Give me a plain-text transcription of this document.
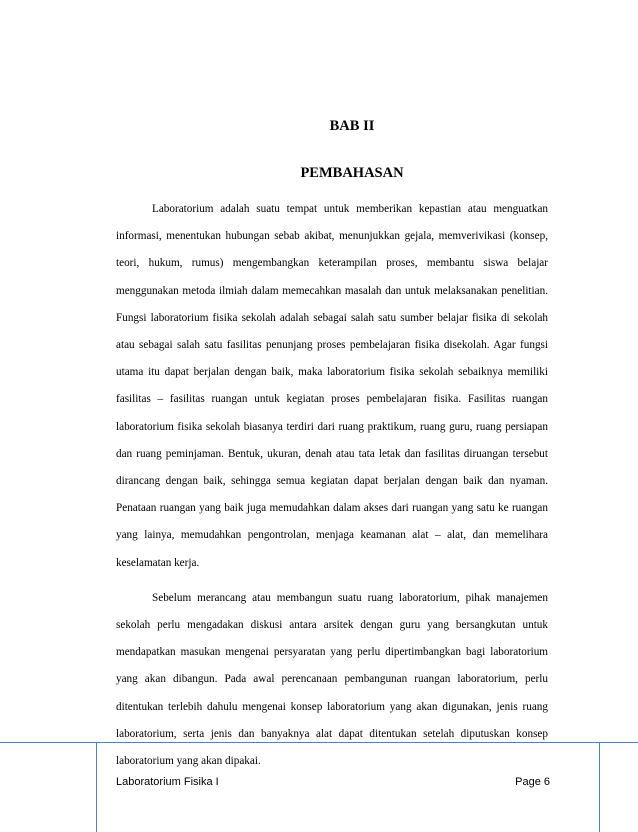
BAB II
PEMBAHASAN

Laboratorium adalah suatu tempat untuk memberikan kepastian atau menguatkan informasi, menentukan hubungan sebab akibat, menunjukkan gejala, memverivikasi (konsep, teori, hukum, rumus) mengembangkan keterampilan proses, membantu siswa belajar menggunakan metoda ilmiah dalam memecahkan masalah dan untuk melaksanakan penelitian. Fungsi laboratorium fisika sekolah adalah sebagai salah satu sumber belajar fisika di sekolah atau sebagai salah satu fasilitas penunjang proses pembelajaran fisika disekolah. Agar fungsi utama itu dapat berjalan dengan baik, maka laboratorium fisika sekolah sebaiknya memiliki fasilitas – fasilitas ruangan untuk kegiatan proses pembelajaran fisika. Fasilitas ruangan laboratorium fisika sekolah biasanya terdiri dari ruang praktikum, ruang guru, ruang persiapan dan ruang peminjaman. Bentuk, ukuran, denah atau tata letak dan fasilitas diruangan tersebut dirancang dengan baik, sehingga semua kegiatan dapat berjalan dengan baik dan nyaman. Penataan ruangan yang baik juga memudahkan dalam akses dari ruangan yang satu ke ruangan yang lainya, memudahkan pengontrolan, menjaga keamanan alat – alat, dan memelihara keselamatan kerja.

Sebelum merancang atau membangun suatu ruang laboratorium, pihak manajemen sekolah perlu mengadakan diskusi antara arsitek dengan guru yang bersangkutan untuk mendapatkan masukan mengenai persyaratan yang perlu dipertimbangkan bagi laboratorium yang akan dibangun. Pada awal perencanaan pembangunan ruangan laboratorium, perlu ditentukan terlebih dahulu mengenai konsep laboratorium yang akan digunakan, jenis ruang laboratorium, serta jenis dan banyaknya alat dapat ditentukan setelah diputuskan konsep laboratorium yang akan dipakai.

Laboratorium Fisika I	Page 6
